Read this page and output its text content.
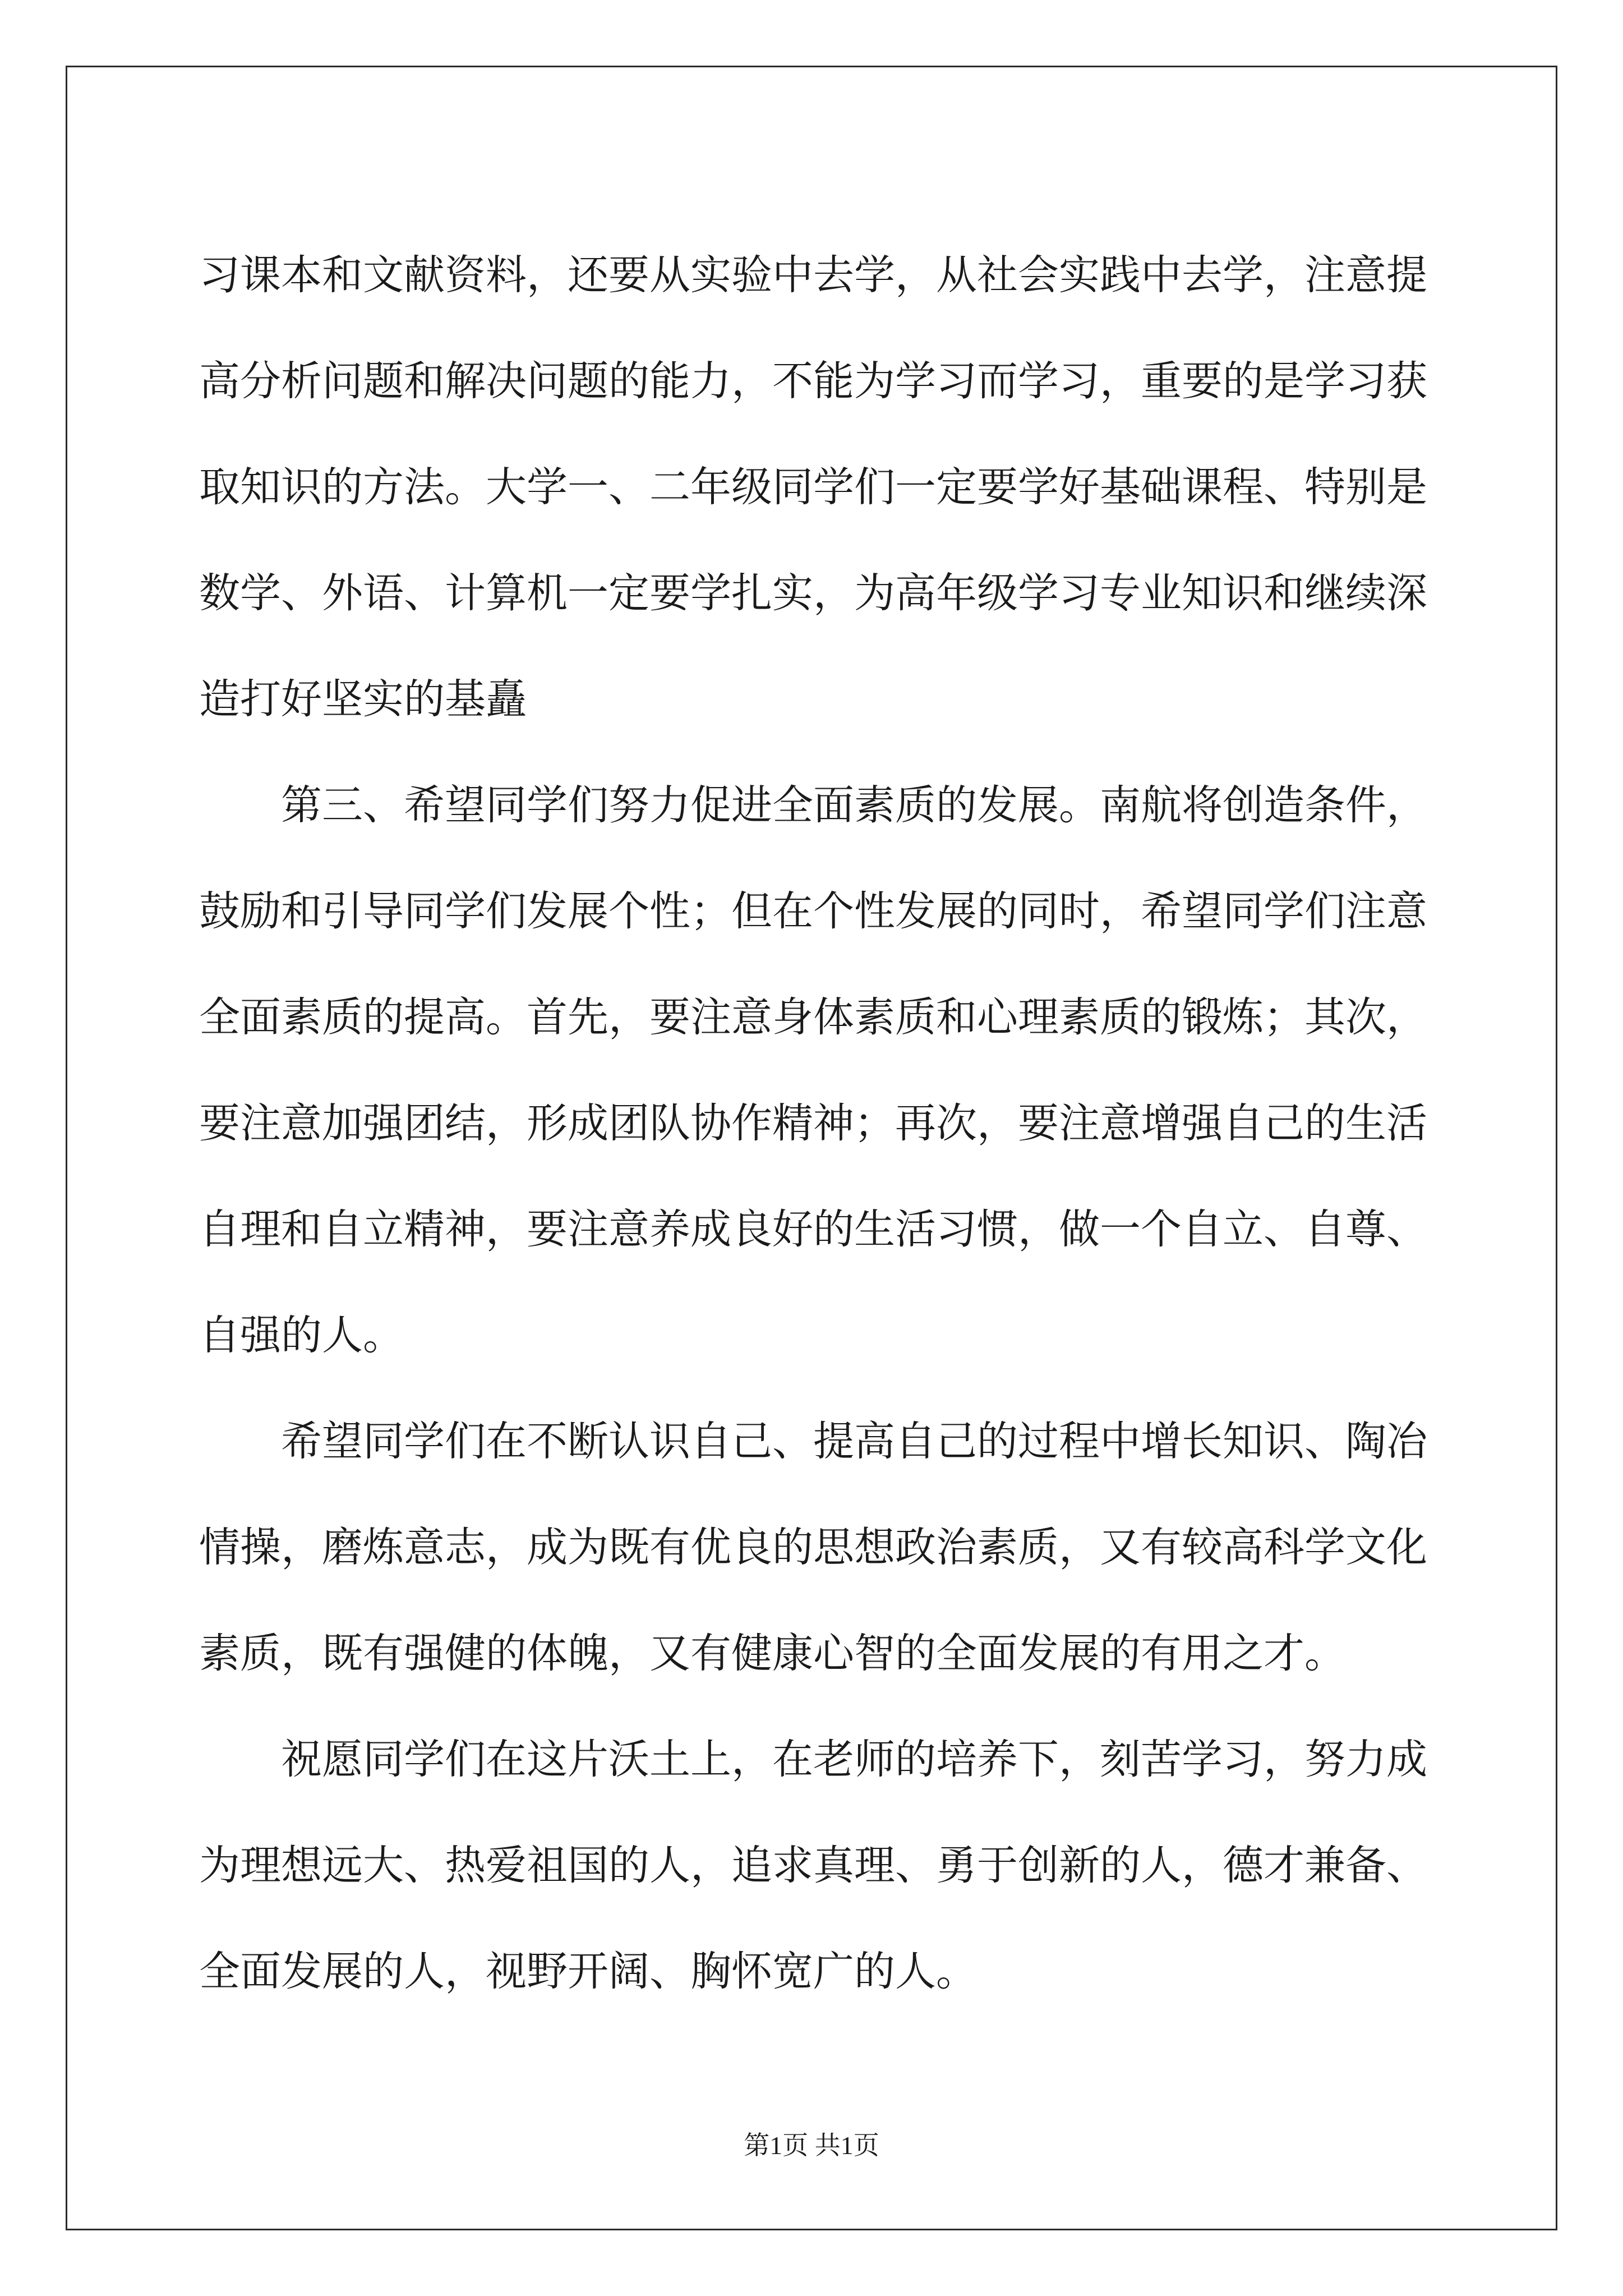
习课本和文献资料，还要从实验中去学，从社会实践中去学，注意提高分析问题和解决问题的能力，不能为学习而学习，重要的是学习获取知识的方法。大学一、二年级同学们一定要学好基础课程、特别是数学、外语、计算机一定要学扎实，为高年级学习专业知识和继续深造打好坚实的基矗

第三、希望同学们努力促进全面素质的发展。南航将创造条件，鼓励和引导同学们发展个性；但在个性发展的同时，希望同学们注意全面素质的提高。首先，要注意身体素质和心理素质的锻炼；其次，要注意加强团结，形成团队协作精神；再次，要注意增强自己的生活自理和自立精神，要注意养成良好的生活习惯，做一个自立、自尊、自强的人。

希望同学们在不断认识自己、提高自己的过程中增长知识、陶冶情操，磨炼意志，成为既有优良的思想政治素质，又有较高科学文化素质，既有强健的体魄，又有健康心智的全面发展的有用之才。

祝愿同学们在这片沃土上，在老师的培养下，刻苦学习，努力成为理想远大、热爱祖国的人，追求真理、勇于创新的人，德才兼备、全面发展的人，视野开阔、胸怀宽广的人。

第1页 共1页
